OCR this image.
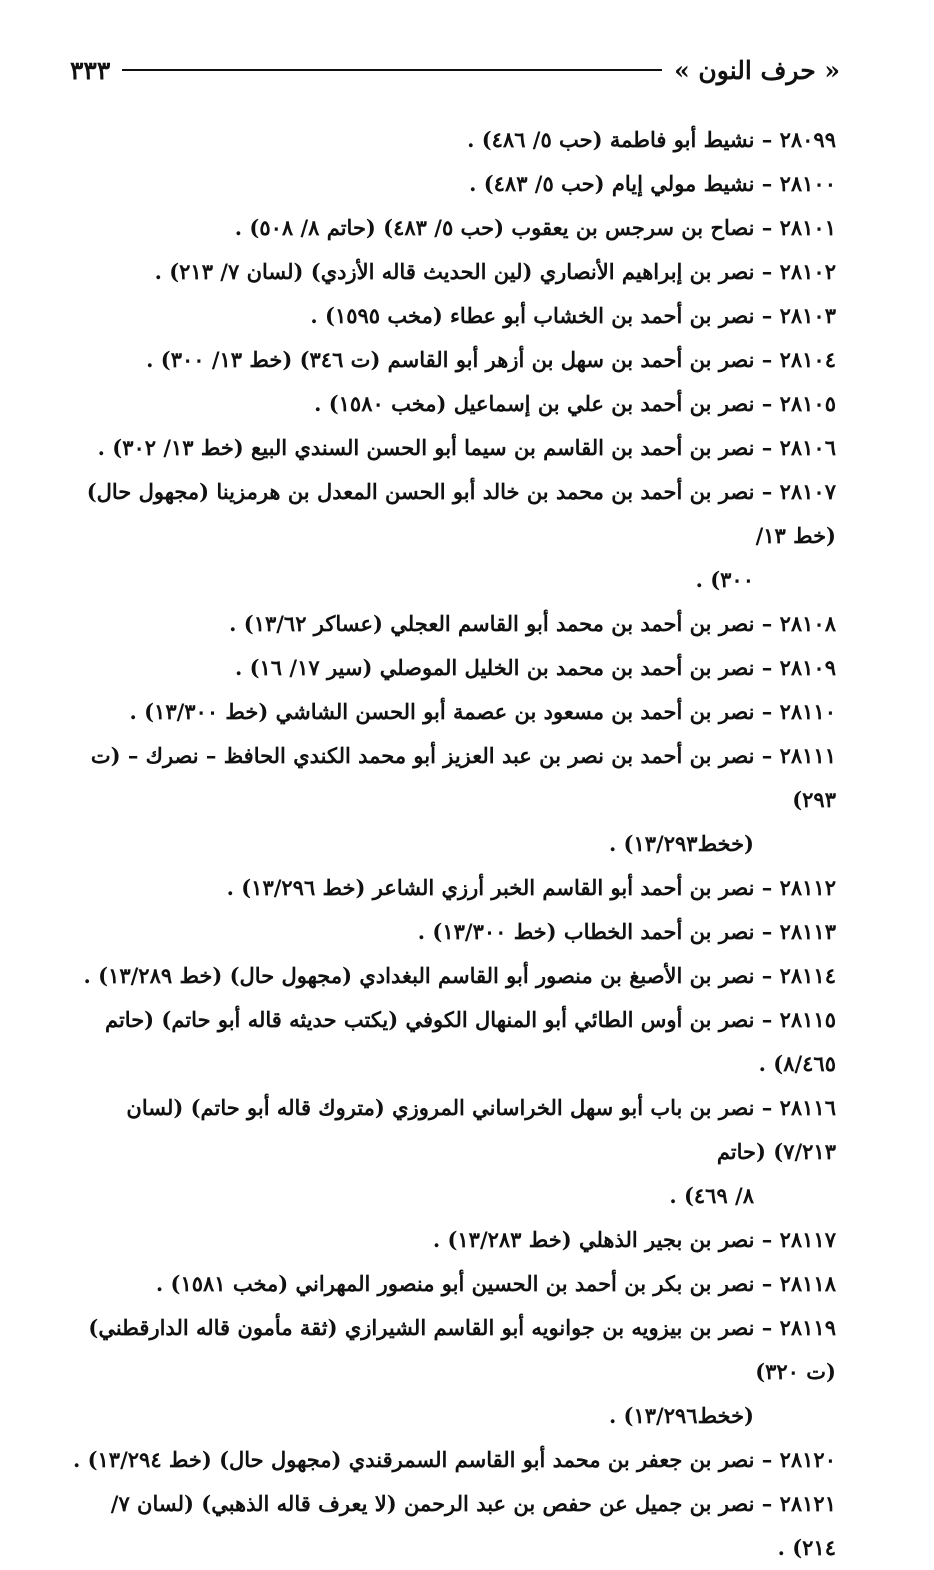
« حرف النون »
٣٣٣

٢٨٠٩٩ – نشيط أبو فاطمة (حب ٥/ ٤٨٦) .

٢٨١٠٠ – نشيط مولي إيام (حب ٥/ ٤٨٣) .

٢٨١٠١ – نصاح بن سرجس بن يعقوب (حب ٥/ ٤٨٣) (حاتم ٨/ ٥٠٨) .

٢٨١٠٢ – نصر بن إبراهيم الأنصاري (لين الحديث قاله الأزدي) (لسان ٧/ ٢١٣) .

٢٨١٠٣ – نصر بن أحمد بن الخشاب أبو عطاء (مخب ١٥٩٥) .

٢٨١٠٤ – نصر بن أحمد بن سهل بن أزهر أبو القاسم (ت ٣٤٦) (خط ١٣/ ٣٠٠) .

٢٨١٠٥ – نصر بن أحمد بن علي بن إسماعيل (مخب ١٥٨٠) .

٢٨١٠٦ – نصر بن أحمد بن القاسم بن سيما أبو الحسن السندي البيع (خط ١٣/ ٣٠٢) .

٢٨١٠٧ – نصر بن أحمد بن محمد بن خالد أبو الحسن المعدل بن هرمزينا (مجهول حال) (خط ١٣/
٣٠٠) .

٢٨١٠٨ – نصر بن أحمد بن محمد أبو القاسم العجلي (عساكر ١٣/٦٢) .

٢٨١٠٩ – نصر بن أحمد بن محمد بن الخليل الموصلي (سير ١٧/ ١٦) .

٢٨١١٠ – نصر بن أحمد بن مسعود بن عصمة أبو الحسن الشاشي (خط ١٣/٣٠٠) .

٢٨١١١ – نصر بن أحمد بن نصر بن عبد العزيز أبو محمد الكندي الحافظ – نصرك – (ت ٢٩٣)
(خخط١٣/٢٩٣) .

٢٨١١٢ – نصر بن أحمد أبو القاسم الخبر أرزي الشاعر (خط ١٣/٢٩٦) .

٢٨١١٣ – نصر بن أحمد الخطاب (خط ١٣/٣٠٠) .

٢٨١١٤ – نصر بن الأصبغ بن منصور أبو القاسم البغدادي (مجهول حال) (خط ١٣/٢٨٩) .

٢٨١١٥ – نصر بن أوس الطائي أبو المنهال الكوفي (يكتب حديثه قاله أبو حاتم) (حاتم ٨/٤٦٥) .

٢٨١١٦ – نصر بن باب أبو سهل الخراساني المروزي (متروك قاله أبو حاتم) (لسان ٧/٢١٣) (حاتم
٨/ ٤٦٩) .

٢٨١١٧ – نصر بن بجير الذهلي (خط ١٣/٢٨٣) .

٢٨١١٨ – نصر بن بكر بن أحمد بن الحسين أبو منصور المهراني (مخب ١٥٨١) .

٢٨١١٩ – نصر بن بيزويه بن جوانويه أبو القاسم الشيرازي (ثقة مأمون قاله الدارقطني) (ت ٣٢٠)
(خخط١٣/٢٩٦) .

٢٨١٢٠ – نصر بن جعفر بن محمد أبو القاسم السمرقندي (مجهول حال) (خط ١٣/٢٩٤) .

٢٨١٢١ – نصر بن جميل عن حفص بن عبد الرحمن (لا يعرف قاله الذهبي) (لسان ٧/ ٢١٤) .
